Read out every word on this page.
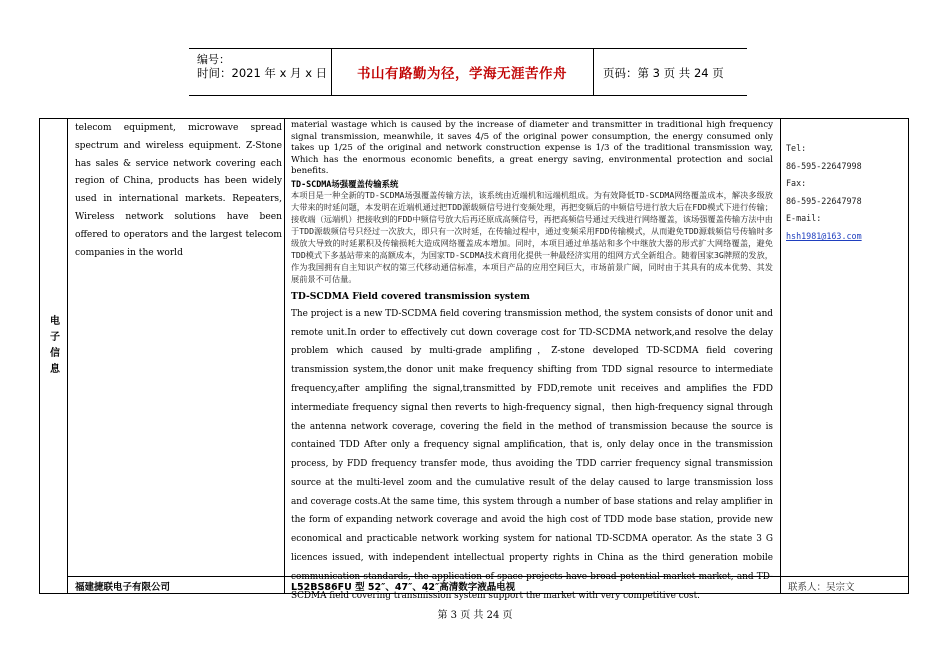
编号：
时间：2021 年 x 月 x 日	书山有路勤为径，学海无涯苦作舟	页码：第 3 页 共 24 页
电子信息
telecom equipment, microwave spread spectrum and wireless equipment. Z-Stone has sales & service network covering each region of China, products has been widely used in international markets. Repeaters, Wireless network solutions have been offered to operators and the largest telecom companies in the world
material wastage which is caused by the increase of diameter and transmitter in traditional high frequency signal transmission, meanwhile, it saves 4/5 of the original power consumption, the energy consumed only takes up 1/25 of the original and network construction expense is 1/3 of the traditional transmission way, Which has the enormous economic benefits, a great energy saving, environmental protection and social benefits.
TD-SCDMA场强覆盖传输系统
本项目是一种全新的TD-SCDMA场强覆盖传输方法，该系统由近端机和远端机组成。为有效降低TD-SCDMA网络覆盖成本，解决多级放大带来的时延问题，本发明在近端机通过把TDD源载频信号进行变频处理，再把变频后的中频信号进行放大后在FDD模式下进行传输；接收端（远端机）把接收到的FDD中频信号放大后再还原成高频信号，再把高频信号通过天线进行网络覆盖，该场强覆盖传输方法中由于TDD源载频信号只经过一次放大，即只有一次时延，在传输过程中，通过变频采用FDD传输模式，从而避免TDD源载频信号传输时多级放大导致的时延累积及传输损耗大造成网络覆盖成本增加。同时，本项目通过单基站和多个中继放大器的形式扩大网络覆盖，避免TDD模式下多基站带来的高额成本，为国家TD-SCDMA技术商用化提供一种最经济实用的组网方式全新组合。随着国家3G牌照的发放，作为我国拥有自主知识产权的第三代移动通信标准，本项目产品的应用空间巨大，市场前景广阔，同时由于其具有的成本优势、其发展前景不可估量。
TD-SCDMA Field covered transmission system
The project is a new TD-SCDMA field covering transmission method, the system consists of donor unit and remote unit.In order to effectively cut down coverage cost for TD-SCDMA network,and resolve the delay problem which caused by multi-grade amplifing，Z-stone developed TD-SCDMA field covering transmission system,the donor unit make frequency shifting from TDD signal resource to intermediate frequency,after amplifing the signal,transmitted by FDD,remote unit receives and amplifies the FDD intermediate frequency signal then reverts to high-frequency signal，then high-frequency signal through the antenna network coverage, covering the field in the method of transmission because the source is contained TDD After only a frequency signal amplification, that is, only delay once in the transmission process, by FDD frequency transfer mode, thus avoiding the TDD carrier frequency signal transmission source at the multi-level zoom and the cumulative result of the delay caused to large transmission loss and coverage costs.At the same time, this system through a number of base stations and relay amplifier in the form of expanding network coverage and avoid the high cost of TDD mode base station, provide new economical and practicable network working system for national TD-SCDMA operator. As the state 3 G licences issued, with independent intellectual property rights in China as the third generation mobile communication standards, the application of space projects have broad potential market market, and TD-SCDMA field covering transmission system support the market with very competitive cost.
Tel:
86-595-22647998
Fax:
86-595-22647978
E-mail:
hsh1981@163.com
福建捷联电子有限公司	L52BS86FU 型 52″、47″、42″高清数字液晶电视	联系人：吴宗文
第 3 页 共 24 页
